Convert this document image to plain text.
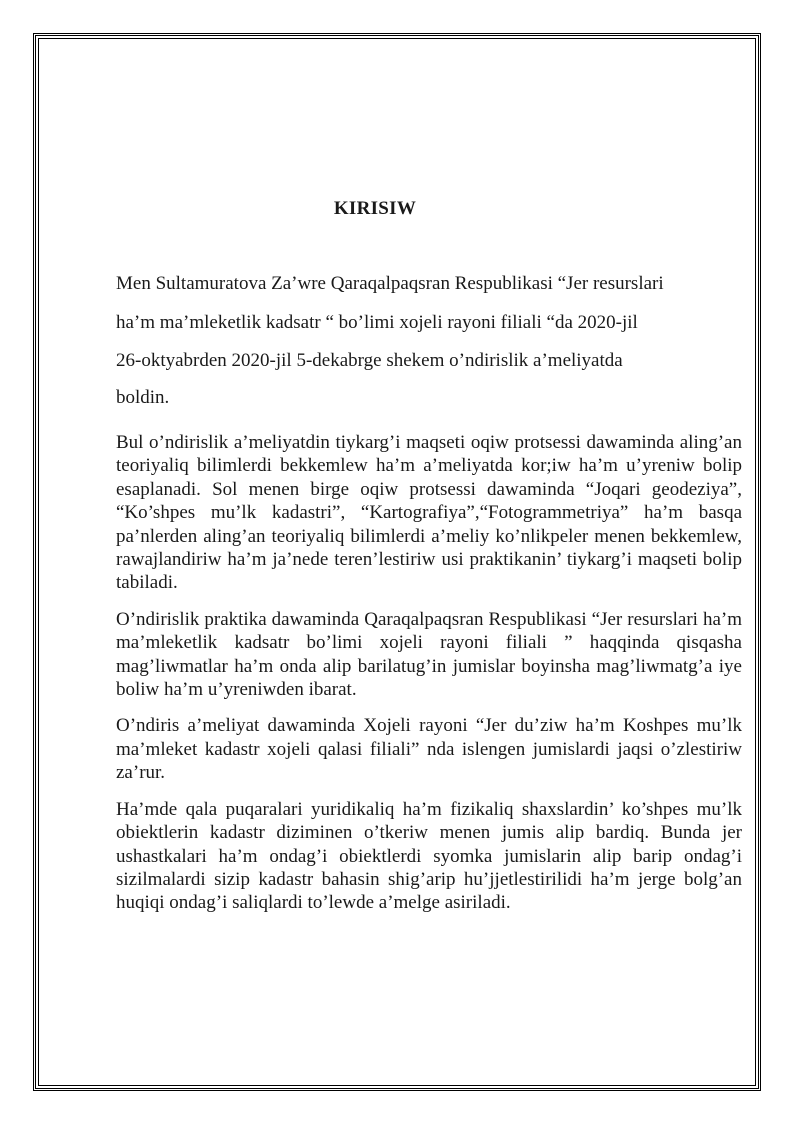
KIRISIW
Men Sultamuratova Za’wre Qaraqalpaqsran Respublikasi “Jer resurslari
ha’m ma’mleketlik kadsatr “ bo’limi xojeli rayoni filiali “da 2020-jil
26-oktyabrden 2020-jil 5-dekabrge shekem o’ndirislik a’meliyatda
boldin.

Bul o’ndirislik a’meliyatdin tiykarg’i maqseti oqiw protsessi dawaminda aling’an teoriyaliq bilimlerdi bekkemlew ha’m a’meliyatda kor;iw ha’m u’yreniw bolip esaplanadi. Sol menen birge oqiw protsessi dawaminda “Joqari geodeziya”, “Ko’shpes mu’lk kadastri”, “Kartografiya”,“Fotogrammetriya” ha’m basqa pa’nlerden aling’an teoriyaliq bilimlerdi a’meliy ko’nlikpeler menen bekkemlew, rawajlandiriw ha’m ja’nede teren’lestiriw usi praktikanin’ tiykarg’i maqseti bolip tabiladi.

O’ndirislik praktika dawaminda Qaraqalpaqsran Respublikasi “Jer resurslari ha’m ma’mleketlik kadsatr bo’limi xojeli rayoni filiali ” haqqinda qisqasha mag’liwmatlar ha’m onda alip barilatug’in jumislar boyinsha mag’liwmatg’a iye boliw ha’m u’yreniwden ibarat.

O’ndiris a’meliyat dawaminda Xojeli rayoni “Jer du’ziw ha’m Koshpes mu’lk ma’mleket kadastr xojeli qalasi filiali” nda islengen jumislardi jaqsi o’zlestiriw za’rur.

Ha’mde qala puqaralari yuridikaliq ha’m fizikaliq shaxslardin’ ko’shpes mu’lk obiektlerin kadastr diziminen o’tkeriw menen jumis alip bardiq. Bunda jer ushastkalari ha’m ondag’i obiektlerdi syomka jumislarin alip barip ondag’i sizilmalardi sizip kadastr bahasin shig’arip hu’jjetlestirilidi ha’m jerge bolg’an huqiqi ondag’i saliqlardi to’lewde a’melge asiriladi.
